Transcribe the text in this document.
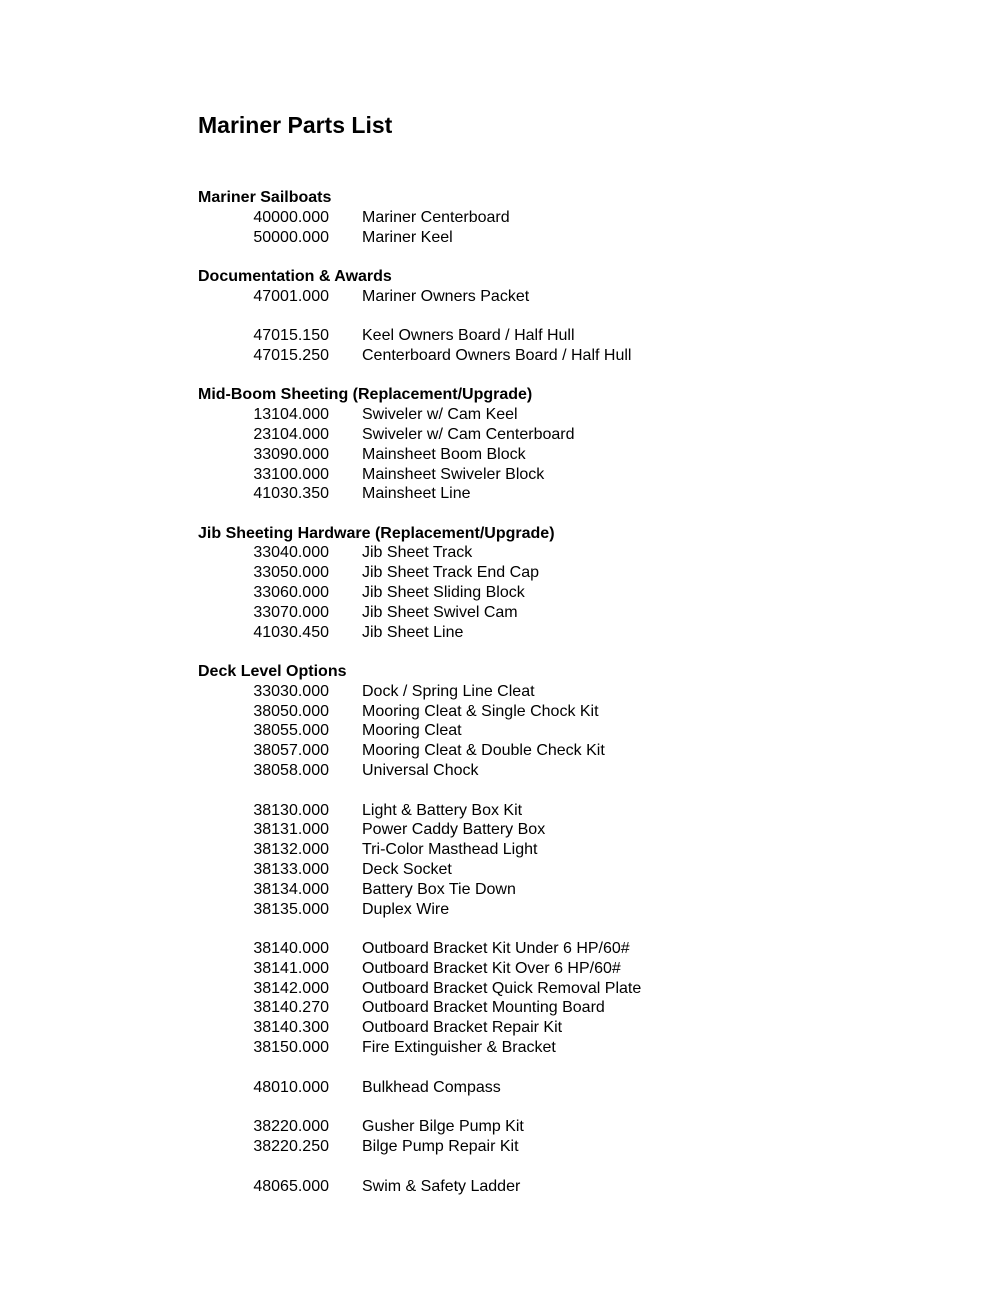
Mariner Parts List
Mariner Sailboats
40000.000	Mariner Centerboard
50000.000	Mariner Keel
Documentation & Awards
47001.000	Mariner Owners Packet
47015.150	Keel Owners Board / Half Hull
47015.250	Centerboard Owners Board / Half Hull
Mid-Boom Sheeting (Replacement/Upgrade)
13104.000	Swiveler w/ Cam Keel
23104.000	Swiveler w/ Cam Centerboard
33090.000	Mainsheet Boom Block
33100.000	Mainsheet Swiveler Block
41030.350	Mainsheet Line
Jib Sheeting Hardware (Replacement/Upgrade)
33040.000	Jib Sheet Track
33050.000	Jib Sheet Track End Cap
33060.000	Jib Sheet Sliding Block
33070.000	Jib Sheet Swivel Cam
41030.450	Jib Sheet Line
Deck Level Options
33030.000	Dock / Spring Line Cleat
38050.000	Mooring Cleat & Single Chock Kit
38055.000	Mooring Cleat
38057.000	Mooring Cleat & Double Check Kit
38058.000	Universal Chock
38130.000	Light & Battery Box Kit
38131.000	Power Caddy Battery Box
38132.000	Tri-Color Masthead Light
38133.000	Deck Socket
38134.000	Battery Box Tie Down
38135.000	Duplex Wire
38140.000	Outboard Bracket Kit Under 6 HP/60#
38141.000	Outboard Bracket Kit Over 6 HP/60#
38142.000	Outboard Bracket Quick Removal Plate
38140.270	Outboard Bracket Mounting Board
38140.300	Outboard Bracket Repair Kit
38150.000	Fire Extinguisher & Bracket
48010.000	Bulkhead Compass
38220.000	Gusher Bilge Pump Kit
38220.250	Bilge Pump Repair Kit
48065.000	Swim & Safety Ladder
